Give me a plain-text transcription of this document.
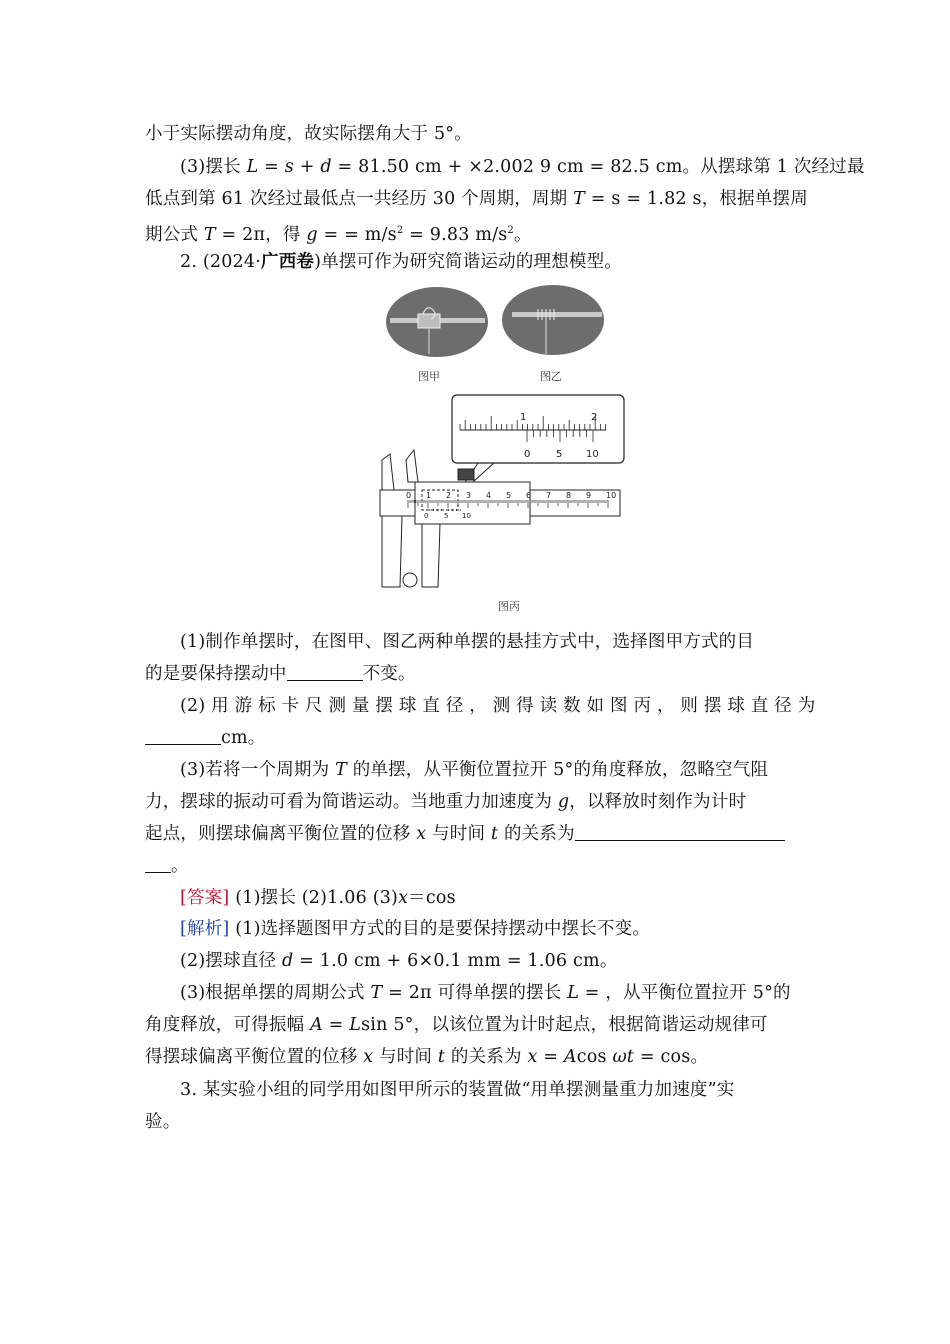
小于实际摆动角度，故实际摆角大于 5°。
(3)摆长 L = s + d = 81.50 cm + ×2.002 9 cm = 82.5 cm。从摆球第 1 次经过最
低点到第 61 次经过最低点一共经历 30 个周期，周期 T = s = 1.82 s，根据单摆周
期公式 T = 2π，得 g = = $m/s^2 = 9.83$ $m/s^2$。
2. (2024·广西卷)单摆可作为研究简谐运动的理想模型。
图甲	图乙
1	2
0	5 10
0 1 2 3 4 5 6 7 8 9 10
0 5 10
图丙
(1)制作单摆时，在图甲、图乙两种单摆的悬挂方式中，选择图甲方式的目
的是要保持摆动中	不变。
(2) 用 游 标 卡 尺 测 量 摆 球 直 径 ， 测 得 读 数 如 图 丙 ， 则 摆 球 直 径 为
cm。
(3)若将一个周期为 T 的单摆，从平衡位置拉开 5°的角度释放，忽略空气阻
力，摆球的振动可看为简谐运动。当地重力加速度为 g，以释放时刻作为计时
起点，则摆球偏离平衡位置的位移 x 与时间 t 的关系为
。
[答案] (1)摆长 (2)1.06 (3)x＝cos
[解析] (1)选择题图甲方式的目的是要保持摆动中摆长不变。
(2)摆球直径 d = 1.0 cm + 6×0.1 mm = 1.06 cm。
(3)根据单摆的周期公式 T = 2π 可得单摆的摆长 L = ，从平衡位置拉开 5°的
角度释放，可得振幅 A = Lsin 5°，以该位置为计时起点，根据简谐运动规律可
得摆球偏离平衡位置的位移 x 与时间 t 的关系为 x = Acos ωt = cos。
3. 某实验小组的同学用如图甲所示的装置做“用单摆测量重力加速度”实
验。
